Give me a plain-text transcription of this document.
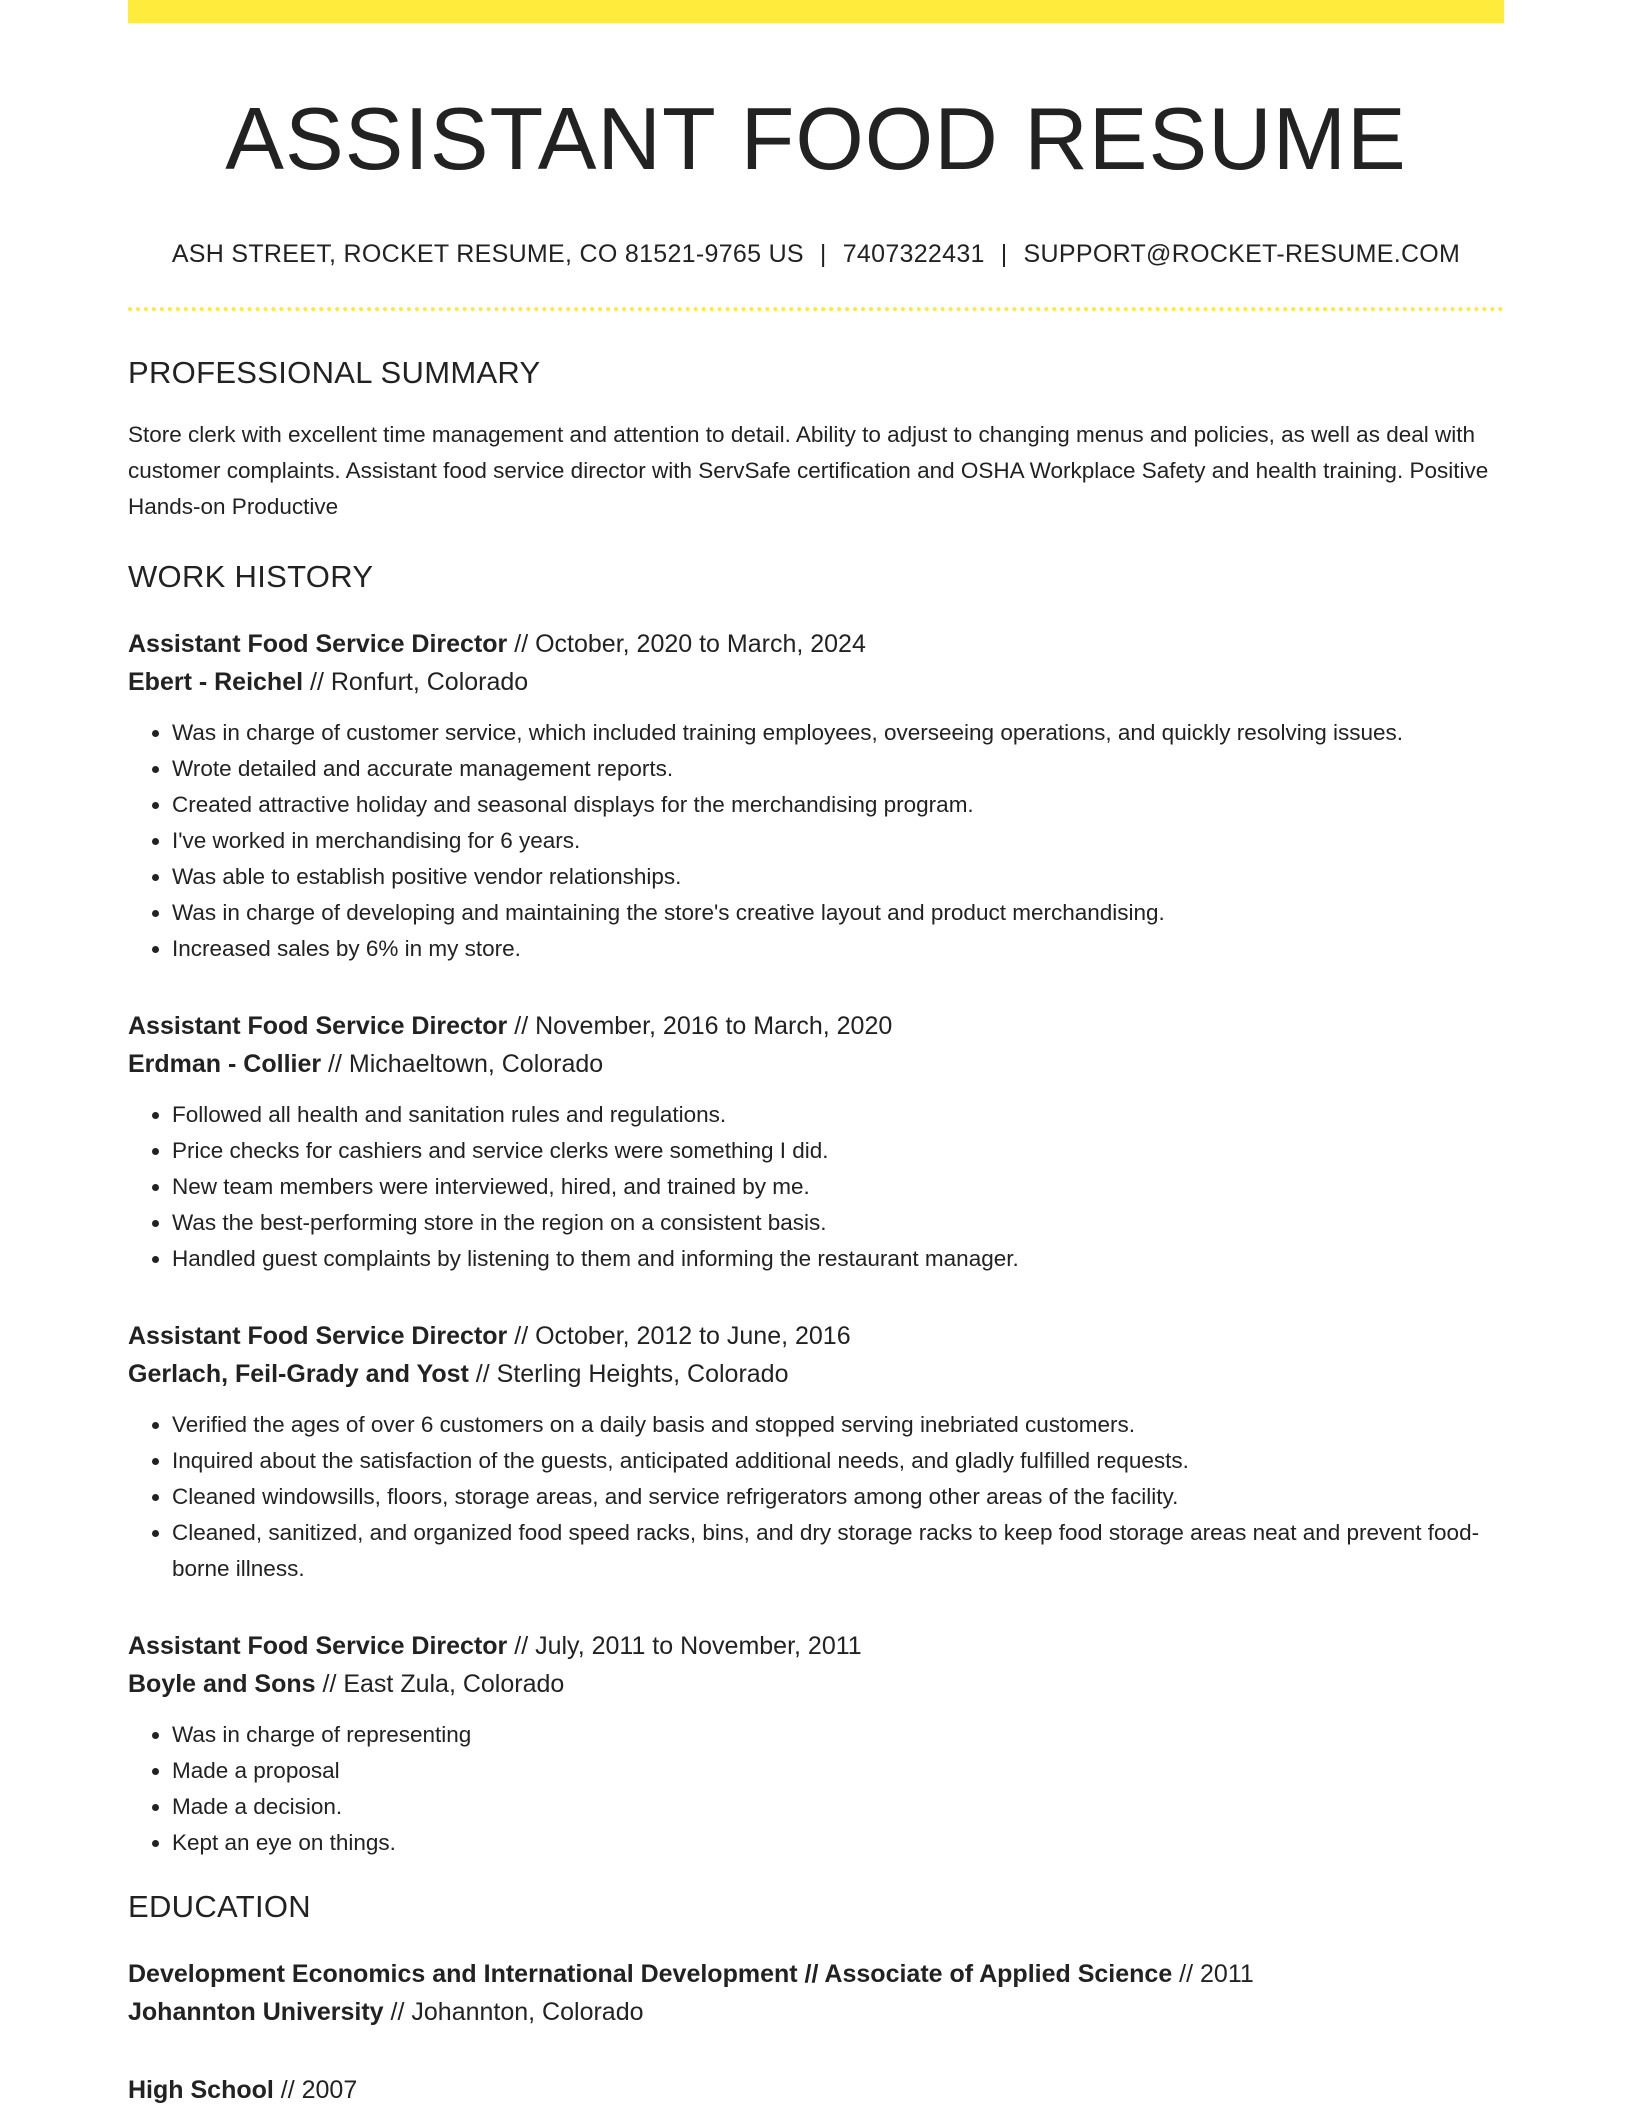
ASSISTANT FOOD RESUME
ASH STREET, ROCKET RESUME, CO 81521-9765 US | 7407322431 | SUPPORT@ROCKET-RESUME.COM
PROFESSIONAL SUMMARY
Store clerk with excellent time management and attention to detail. Ability to adjust to changing menus and policies, as well as deal with customer complaints. Assistant food service director with ServSafe certification and OSHA Workplace Safety and health training. Positive Hands-on Productive
WORK HISTORY
Assistant Food Service Director // October, 2020 to March, 2024
Ebert - Reichel // Ronfurt, Colorado
• Was in charge of customer service, which included training employees, overseeing operations, and quickly resolving issues.
• Wrote detailed and accurate management reports.
• Created attractive holiday and seasonal displays for the merchandising program.
• I've worked in merchandising for 6 years.
• Was able to establish positive vendor relationships.
• Was in charge of developing and maintaining the store's creative layout and product merchandising.
• Increased sales by 6% in my store.
Assistant Food Service Director // November, 2016 to March, 2020
Erdman - Collier // Michaeltown, Colorado
• Followed all health and sanitation rules and regulations.
• Price checks for cashiers and service clerks were something I did.
• New team members were interviewed, hired, and trained by me.
• Was the best-performing store in the region on a consistent basis.
• Handled guest complaints by listening to them and informing the restaurant manager.
Assistant Food Service Director // October, 2012 to June, 2016
Gerlach, Feil-Grady and Yost // Sterling Heights, Colorado
• Verified the ages of over 6 customers on a daily basis and stopped serving inebriated customers.
• Inquired about the satisfaction of the guests, anticipated additional needs, and gladly fulfilled requests.
• Cleaned windowsills, floors, storage areas, and service refrigerators among other areas of the facility.
• Cleaned, sanitized, and organized food speed racks, bins, and dry storage racks to keep food storage areas neat and prevent food-borne illness.
Assistant Food Service Director // July, 2011 to November, 2011
Boyle and Sons // East Zula, Colorado
• Was in charge of representing
• Made a proposal
• Made a decision.
• Kept an eye on things.
EDUCATION
Development Economics and International Development // Associate of Applied Science // 2011
Johannton University // Johannton, Colorado
High School // 2007
